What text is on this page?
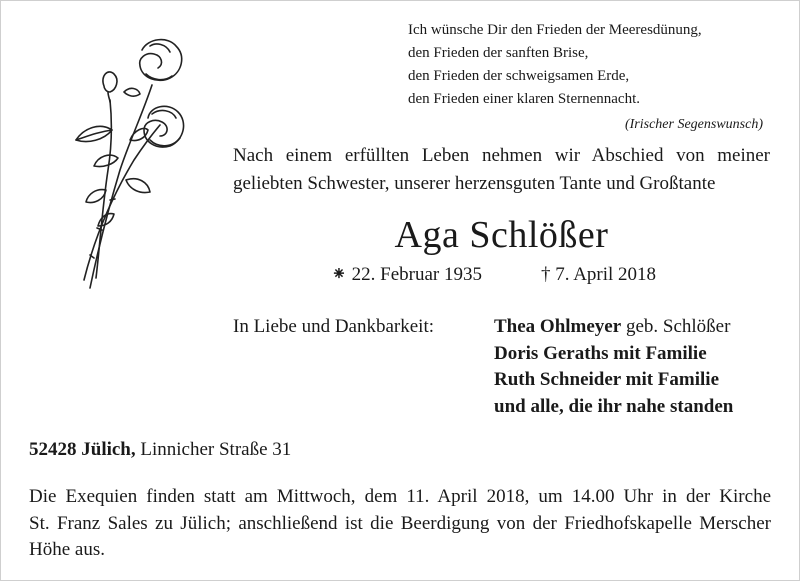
Ich wünsche Dir den Frieden der Meeresdünung,
den Frieden der sanften Brise,
den Frieden der schweigsamen Erde,
den Frieden einer klaren Sternennacht.
(Irischer Segenswunsch)
Nach einem erfüllten Leben nehmen wir Abschied von meiner geliebten Schwester, unserer herzensguten Tante und Großtante
Aga Schlößer
⁕ 22. Februar 1935	† 7. April 2018
In Liebe und Dankbarkeit:	Thea Ohlmeyer geb. Schlößer
Doris Geraths mit Familie
Ruth Schneider mit Familie
und alle, die ihr nahe standen
52428 Jülich, Linnicher Straße 31
Die Exequien finden statt am Mittwoch, dem 11. April 2018, um 14.00 Uhr in der Kirche
St. Franz Sales zu Jülich; anschließend ist die Beerdigung von der Friedhofskapelle Merscher
Höhe aus.
